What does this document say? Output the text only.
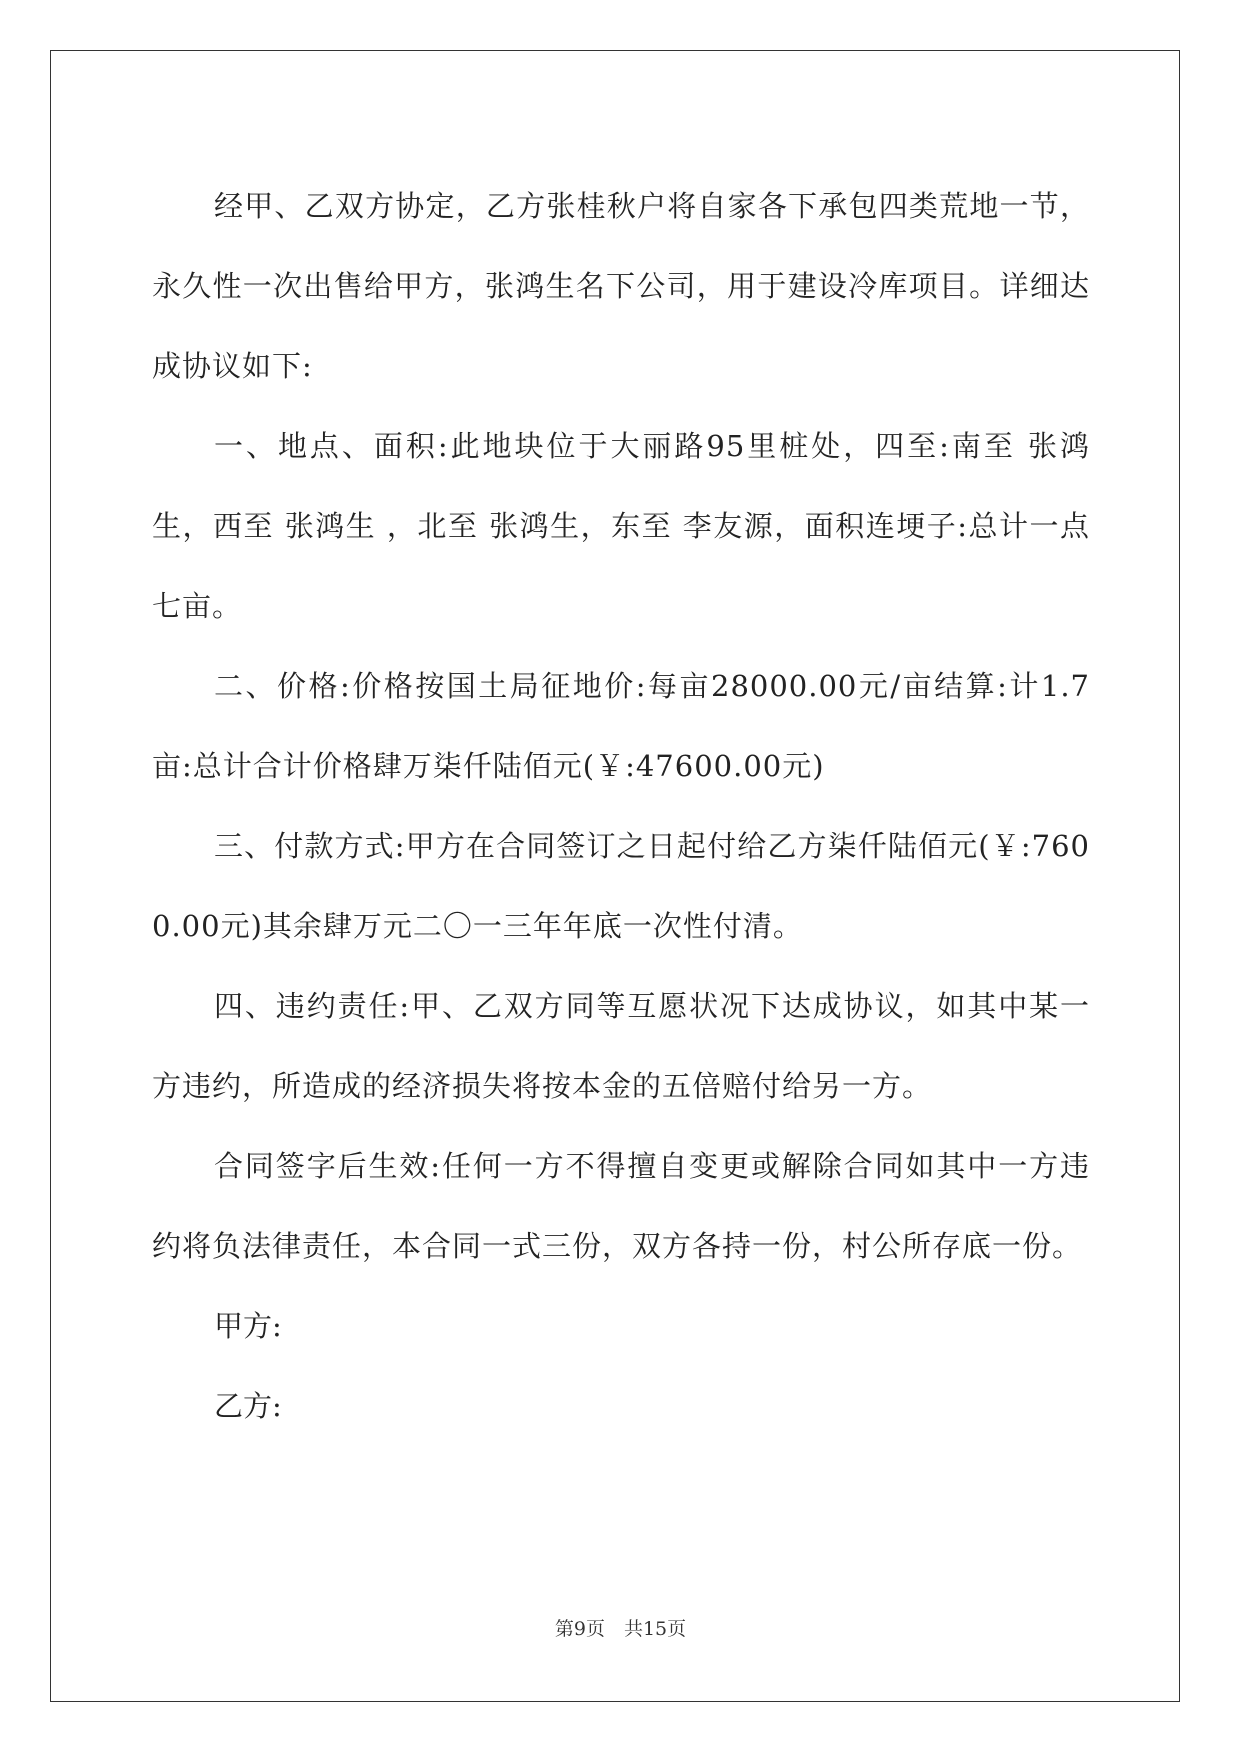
经甲、乙双方协定，乙方张桂秋户将自家各下承包四类荒地一节，永久性一次出售给甲方，张鸿生名下公司，用于建设冷库项目。详细达成协议如下:

一、地点、面积:此地块位于大丽路95里桩处，四至:南至 张鸿生，西至 张鸿生 ，北至 张鸿生，东至 李友源，面积连埂子:总计一点七亩。

二、价格:价格按国土局征地价:每亩28000.00元/亩结算:计1.7亩:总计合计价格肆万柒仟陆佰元(￥:47600.00元)

三、付款方式:甲方在合同签订之日起付给乙方柒仟陆佰元(￥:7600.00元)其余肆万元二〇一三年年底一次性付清。

四、违约责任:甲、乙双方同等互愿状况下达成协议，如其中某一方违约，所造成的经济损失将按本金的五倍赔付给另一方。

合同签字后生效:任何一方不得擅自变更或解除合同如其中一方违约将负法律责任，本合同一式三份，双方各持一份，村公所存底一份。

甲方:

乙方:

第9页　共15页
